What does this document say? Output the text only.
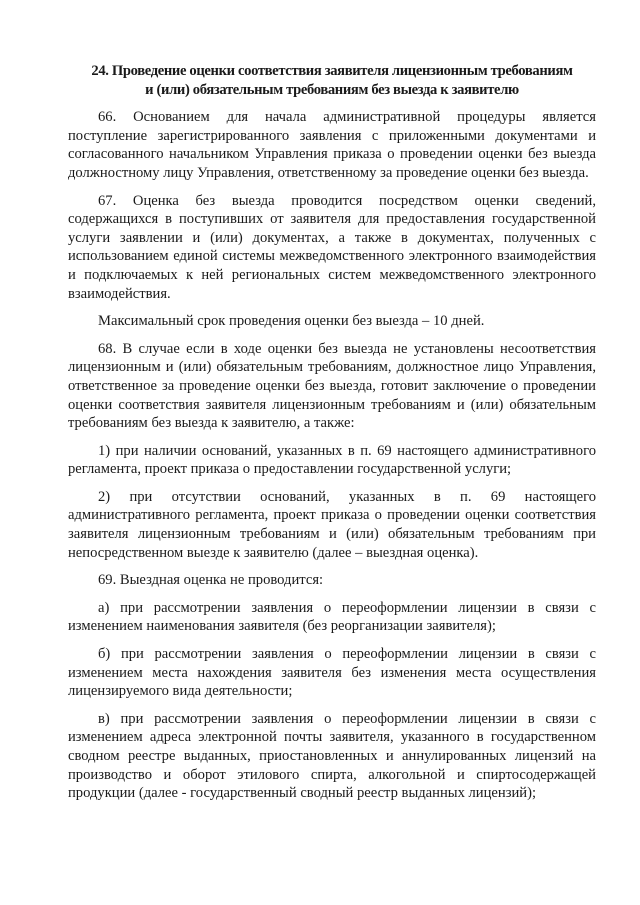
24. Проведение оценки соответствия заявителя лицензионным требованиям
и (или) обязательным требованиям без выезда к заявителю

66. Основанием для начала административной процедуры является поступление зарегистрированного заявления с приложенными документами и согласованного начальником Управления приказа о проведении оценки без выезда должностному лицу Управления, ответственному за проведение оценки без выезда.

67. Оценка без выезда проводится посредством оценки сведений, содержащихся в поступивших от заявителя для предоставления государственной услуги заявлении и (или) документах, а также в документах, полученных с использованием единой системы межведомственного электронного взаимодействия и подключаемых к ней региональных систем межведомственного электронного взаимодействия.

Максимальный срок проведения оценки без выезда – 10 дней.

68. В случае если в ходе оценки без выезда не установлены несоответствия лицензионным и (или) обязательным требованиям, должностное лицо Управления, ответственное за проведение оценки без выезда, готовит заключение о проведении оценки соответствия заявителя лицензионным требованиям и (или) обязательным требованиям без выезда к заявителю, а также:

1) при наличии оснований, указанных в п. 69 настоящего административного регламента, проект приказа о предоставлении государственной услуги;

2) при отсутствии оснований, указанных в п. 69 настоящего административного регламента, проект приказа о проведении оценки соответствия заявителя лицензионным требованиям и (или) обязательным требованиям при непосредственном выезде к заявителю (далее – выездная оценка).

69. Выездная оценка не проводится:

а) при рассмотрении заявления о переоформлении лицензии в связи с изменением наименования заявителя (без реорганизации заявителя);

б) при рассмотрении заявления о переоформлении лицензии в связи с изменением места нахождения заявителя без изменения места осуществления лицензируемого вида деятельности;

в) при рассмотрении заявления о переоформлении лицензии в связи с изменением адреса электронной почты заявителя, указанного в государственном сводном реестре выданных, приостановленных и аннулированных лицензий на производство и оборот этилового спирта, алкогольной и спиртосодержащей продукции (далее - государственный сводный реестр выданных лицензий);
